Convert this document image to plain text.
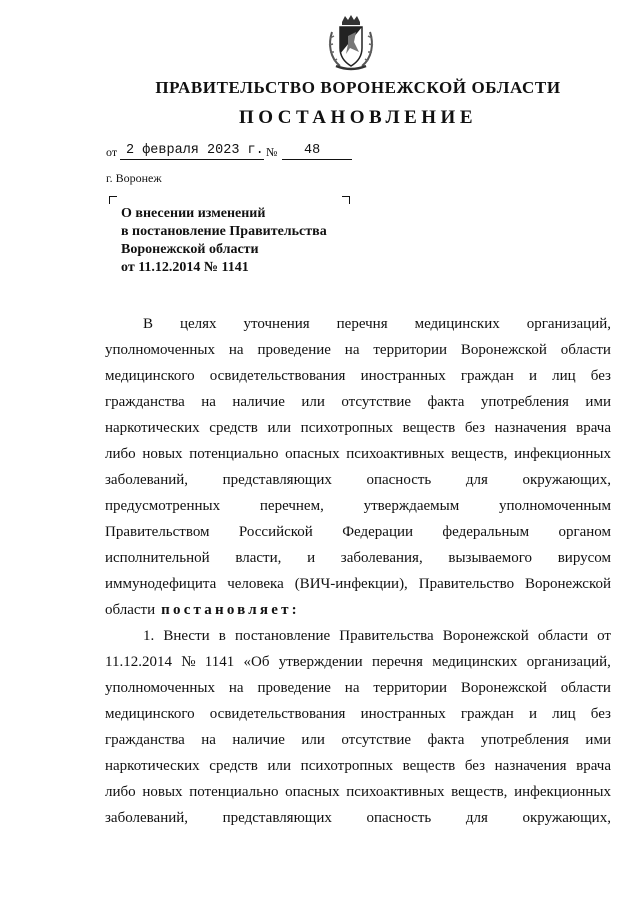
ПРАВИТЕЛЬСТВО ВОРОНЕЖСКОЙ ОБЛАСТИ
ПОСТАНОВЛЕНИЕ
от 2 февраля 2023 г. № 48
г. Воронеж
О внесении изменений
в постановление Правительства
Воронежской области
от 11.12.2014 № 1141
В целях уточнения перечня медицинских организаций,
уполномоченных на проведение на территории Воронежской области
медицинского освидетельствования иностранных граждан и лиц без
гражданства на наличие или отсутствие факта употребления ими
наркотических средств или психотропных веществ без назначения врача
либо новых потенциально опасных психоактивных веществ, инфекционных
заболеваний, представляющих опасность для окружающих,
предусмотренных	перечнем,	утверждаемым	уполномоченным
Правительством Российской Федерации федеральным органом
исполнительной власти, и заболевания, вызываемого вирусом
иммунодефицита человека (ВИЧ-инфекции), Правительство Воронежской
области постановляет:
1. Внести в постановление Правительства Воронежской области от
11.12.2014 № 1141 «Об утверждении перечня медицинских организаций,
уполномоченных на проведение на территории Воронежской области
медицинского освидетельствования иностранных граждан и лиц без
гражданства на наличие или отсутствие факта употребления ими
наркотических средств или психотропных веществ без назначения врача
либо новых потенциально опасных психоактивных веществ, инфекционных
заболеваний, представляющих опасность для окружающих,
